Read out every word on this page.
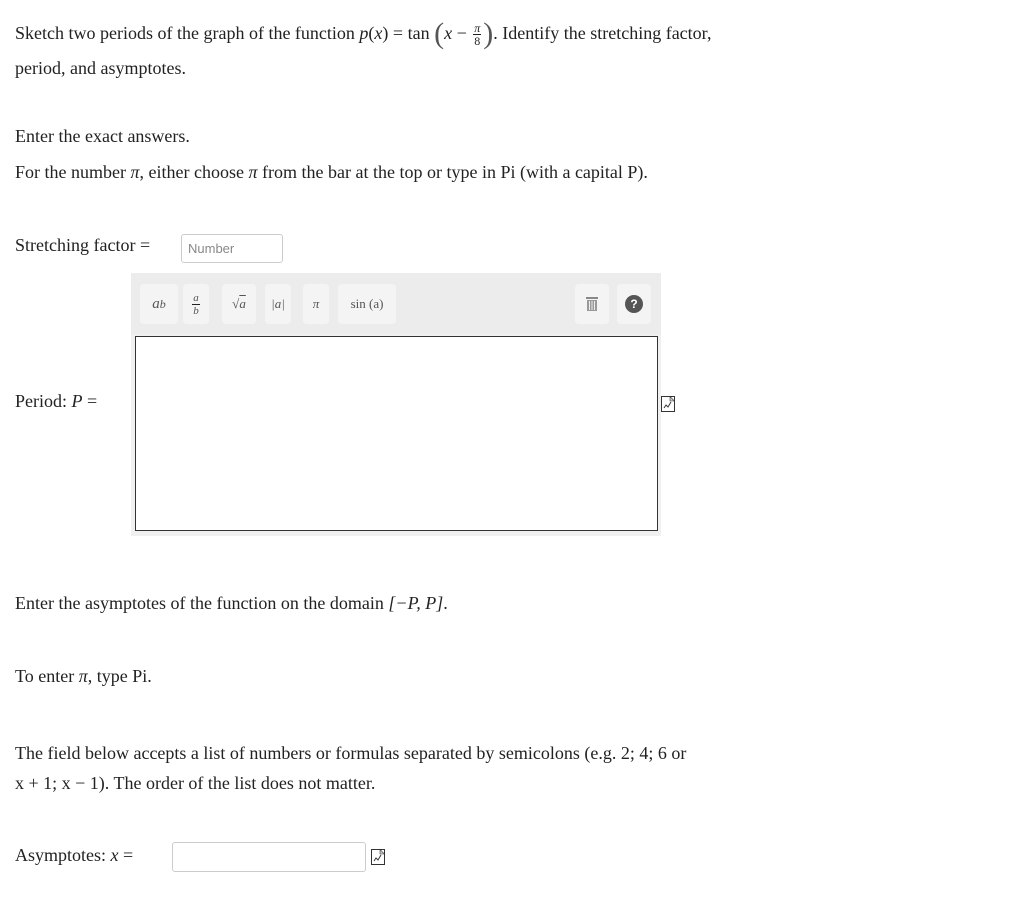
Sketch two periods of the graph of the function $p(x) = \tan (x - \frac{\pi}{8}$ ). Identify the stretching factor,
period, and asymptotes.
Enter the exact answers.
For the number π, either choose π from the bar at the top or type in Pi (with a capital P).
Stretching factor =	Number
a b $\frac{a}{b}$ √ a |a| π sin (a)	?
Period: P =
Enter the asymptotes of the function on the domain [−P, P].
To enter π, type Pi.
The field below accepts a list of numbers or formulas separated by semicolons (e.g. 2; 4; 6 or
x + 1; x − 1). The order of the list does not matter.
Asymptotes: x =
